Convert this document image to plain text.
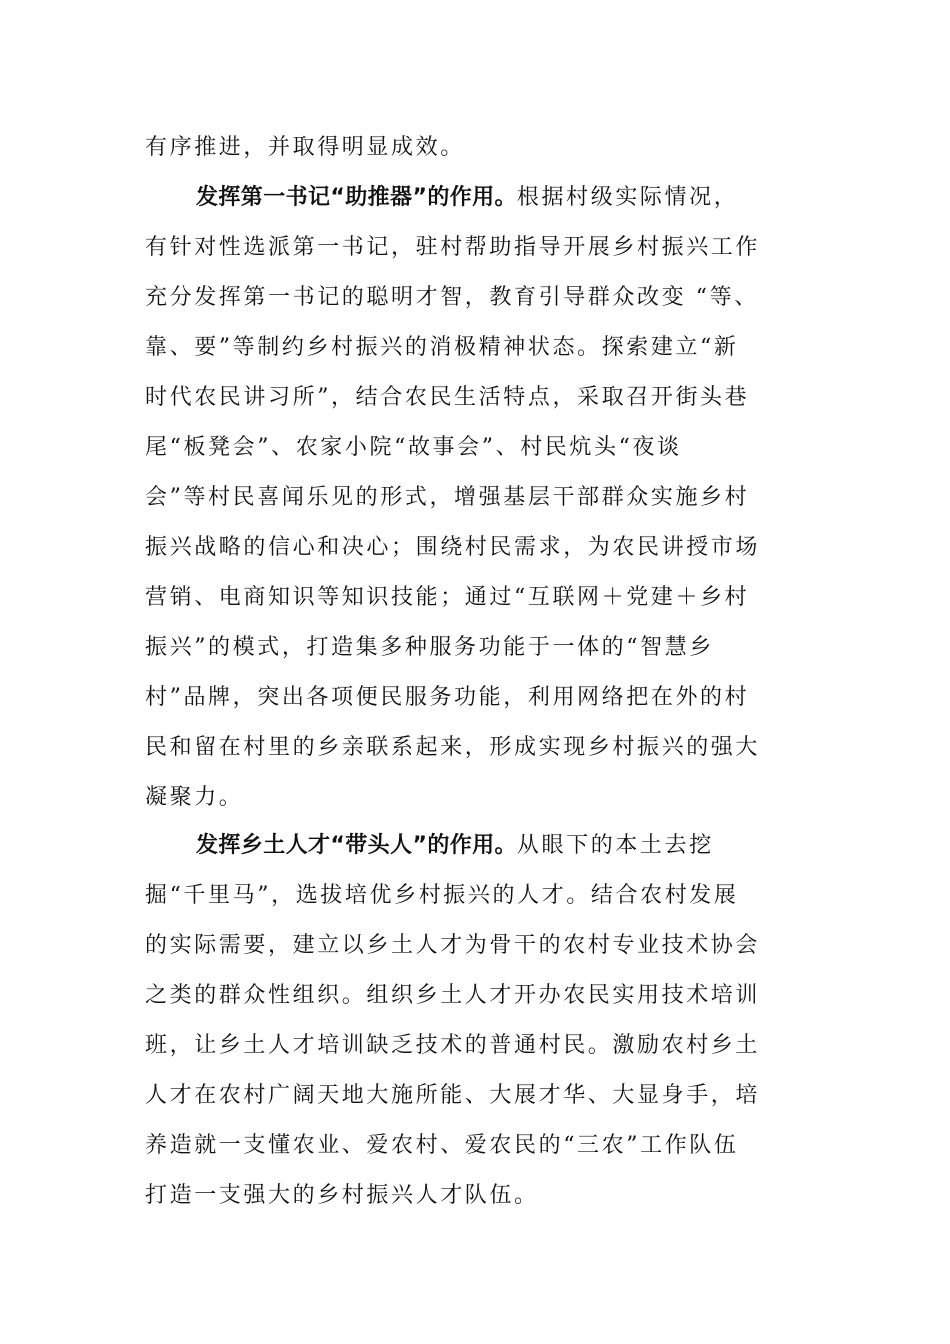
有序推进，并取得明显成效。
发挥第一书记“助推器”的作用。根据村级实际情况，
有针对性选派第一书记，驻村帮助指导开展乡村振兴工作
充分发挥第一书记的聪明才智，教育引导群众改变 “等、
靠、要”等制约乡村振兴的消极精神状态。探索建立“新
时代农民讲习所”，结合农民生活特点，采取召开街头巷
尾“板凳会”、农家小院“故事会”、村民炕头“夜谈
会”等村民喜闻乐见的形式，增强基层干部群众实施乡村
振兴战略的信心和决心；围绕村民需求，为农民讲授市场
营销、电商知识等知识技能；通过“互联网＋党建＋乡村
振兴”的模式，打造集多种服务功能于一体的“智慧乡
村”品牌，突出各项便民服务功能，利用网络把在外的村
民和留在村里的乡亲联系起来，形成实现乡村振兴的强大
凝聚力。
发挥乡土人才“带头人”的作用。从眼下的本土去挖
掘“千里马”，选拔培优乡村振兴的人才。结合农村发展
的实际需要，建立以乡土人才为骨干的农村专业技术协会
之类的群众性组织。组织乡土人才开办农民实用技术培训
班，让乡土人才培训缺乏技术的普通村民。激励农村乡土
人才在农村广阔天地大施所能、大展才华、大显身手，培
养造就一支懂农业、爱农村、爱农民的“三农”工作队伍
打造一支强大的乡村振兴人才队伍。
